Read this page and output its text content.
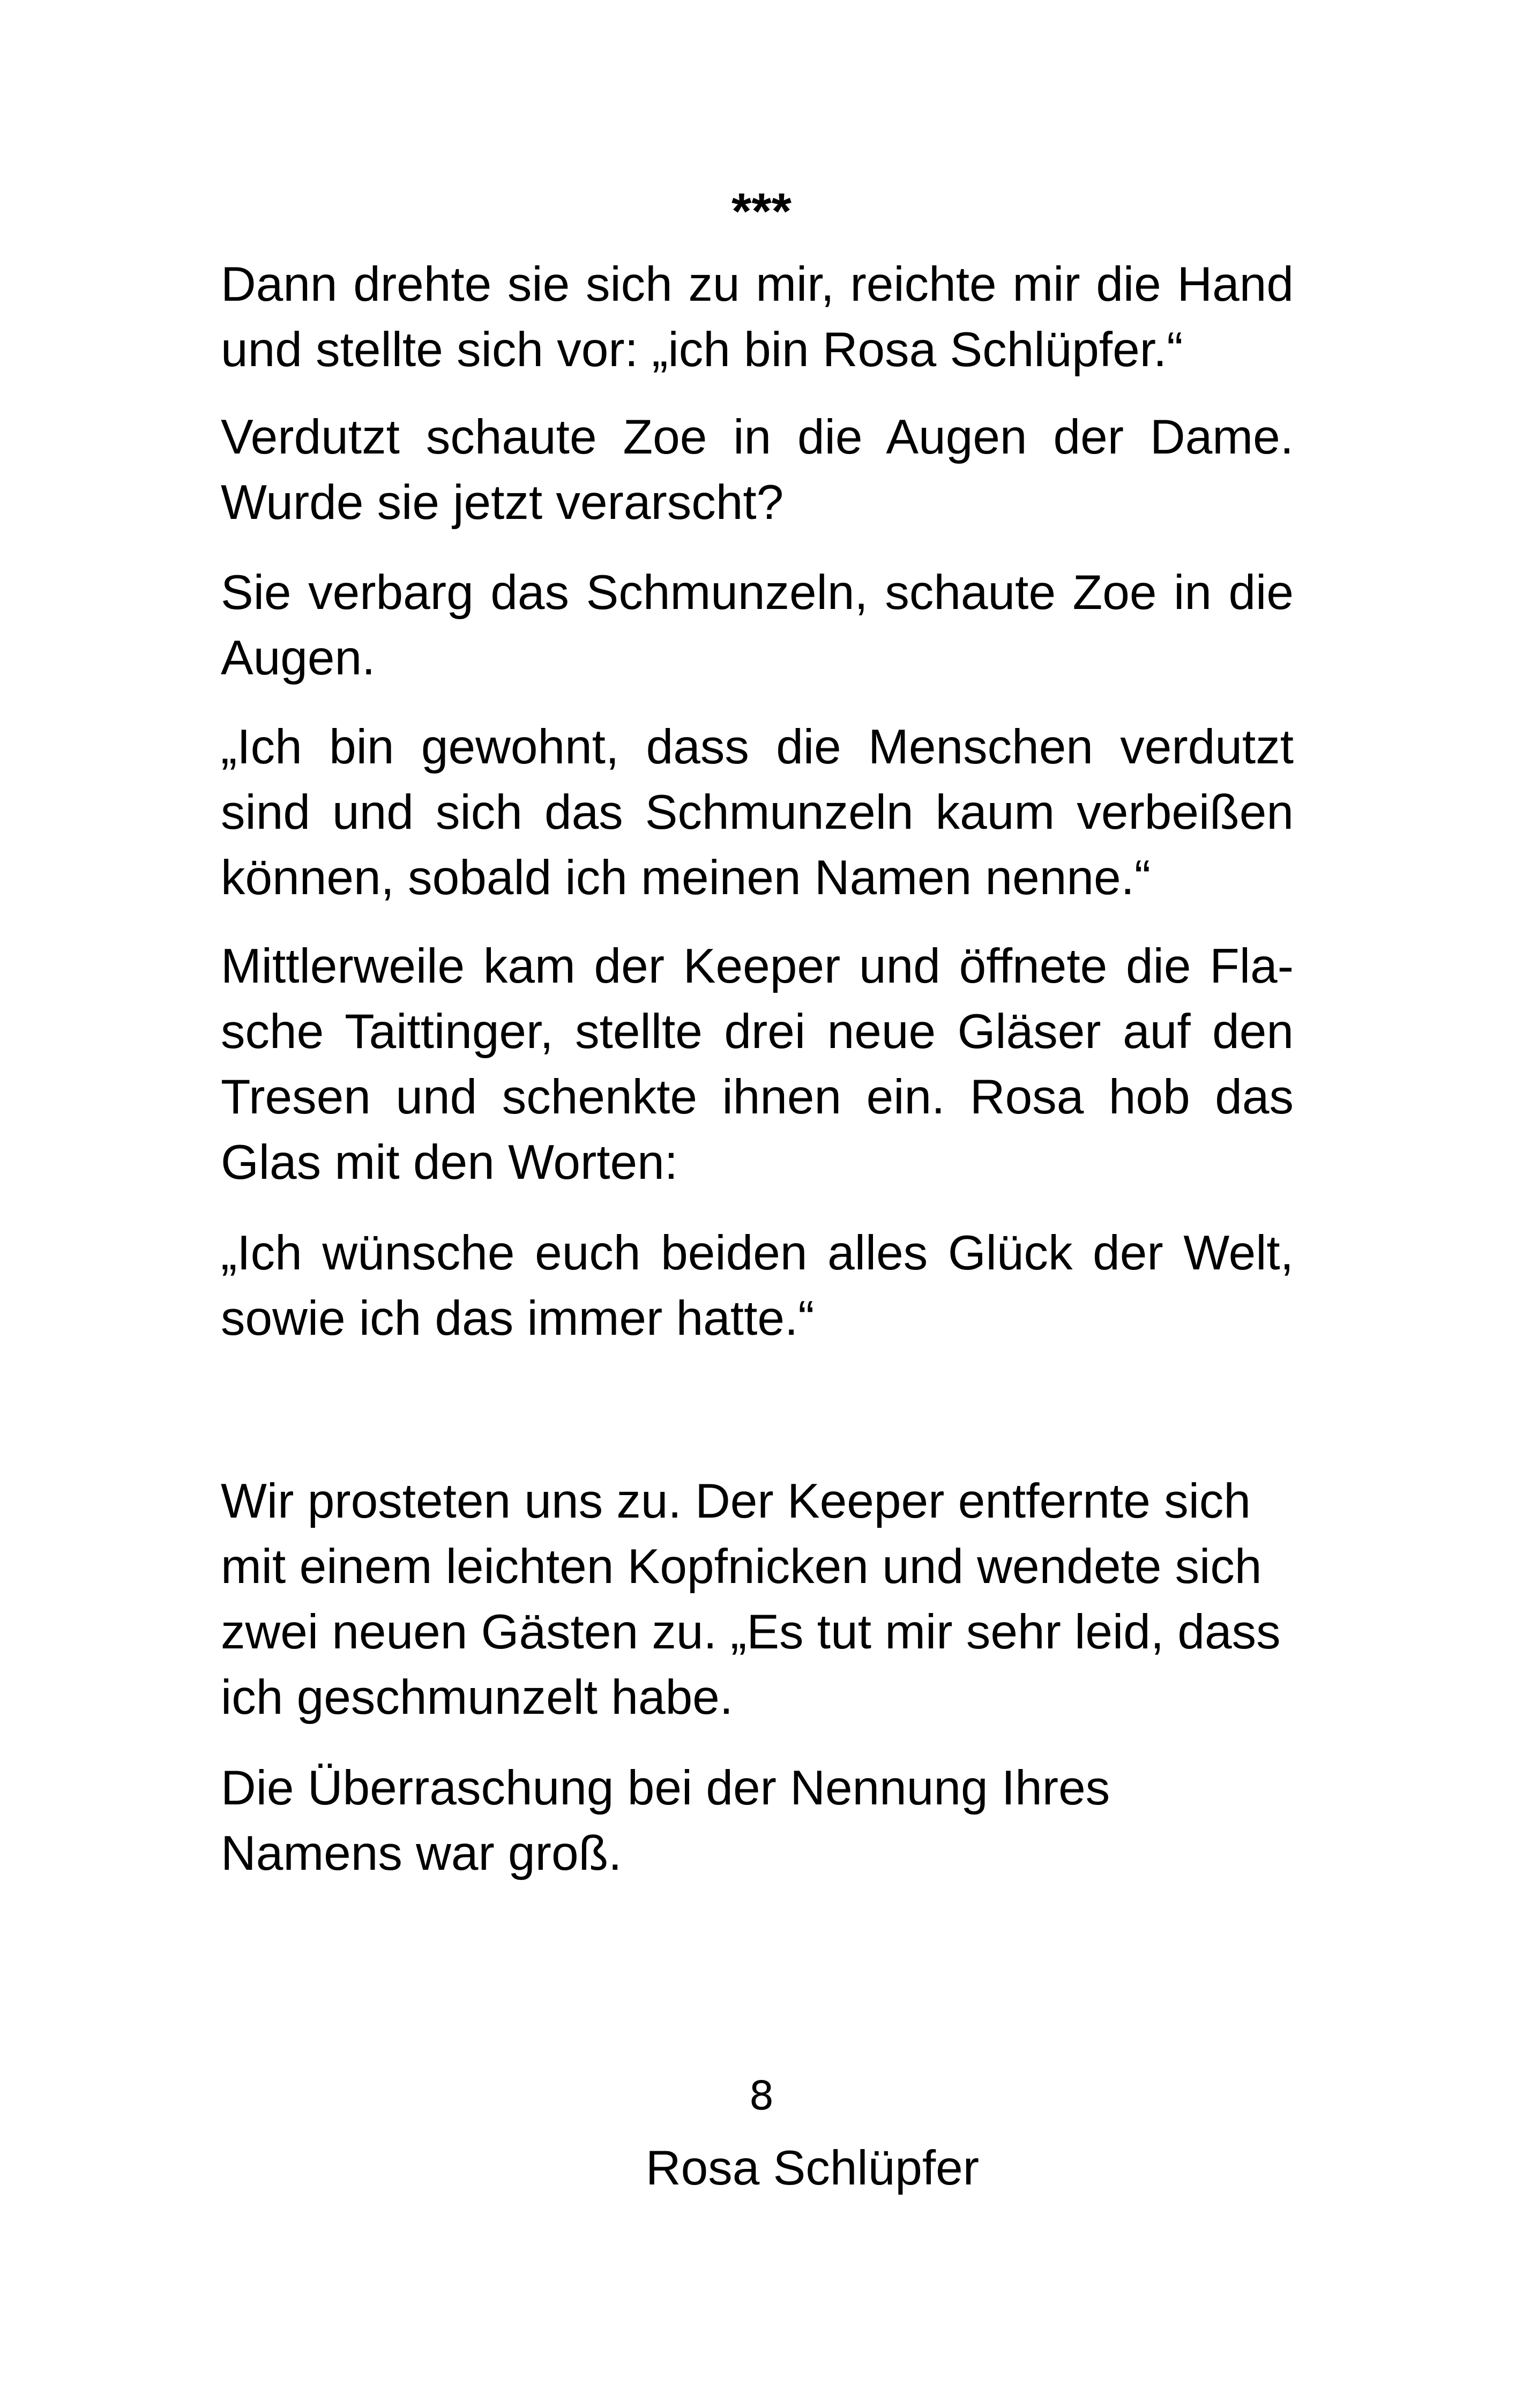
***

Dann drehte sie sich zu mir, reichte mir die Hand und stellte sich vor: „ich bin Rosa Schlüpfer.“

Verdutzt schaute Zoe in die Augen der Dame. Wurde sie jetzt verarscht?

Sie verbarg das Schmunzeln, schaute Zoe in die Augen.

„Ich bin gewohnt, dass die Menschen verdutzt sind und sich das Schmunzeln kaum verbeißen können, sobald ich meinen Namen nenne.“

Mittlerweile kam der Keeper und öffnete die Flasche Taittinger, stellte drei neue Gläser auf den Tresen und schenkte ihnen ein. Rosa hob das Glas mit den Worten:

„Ich wünsche euch beiden alles Glück der Welt, sowie ich das immer hatte.“

Wir prosteten uns zu. Der Keeper entfernte sich mit einem leichten Kopfnicken und wendete sich zwei neuen Gästen zu. „Es tut mir sehr leid, dass ich geschmunzelt habe.

Die Überraschung bei der Nennung Ihres Namens war groß.

8
Rosa Schlüpfer
